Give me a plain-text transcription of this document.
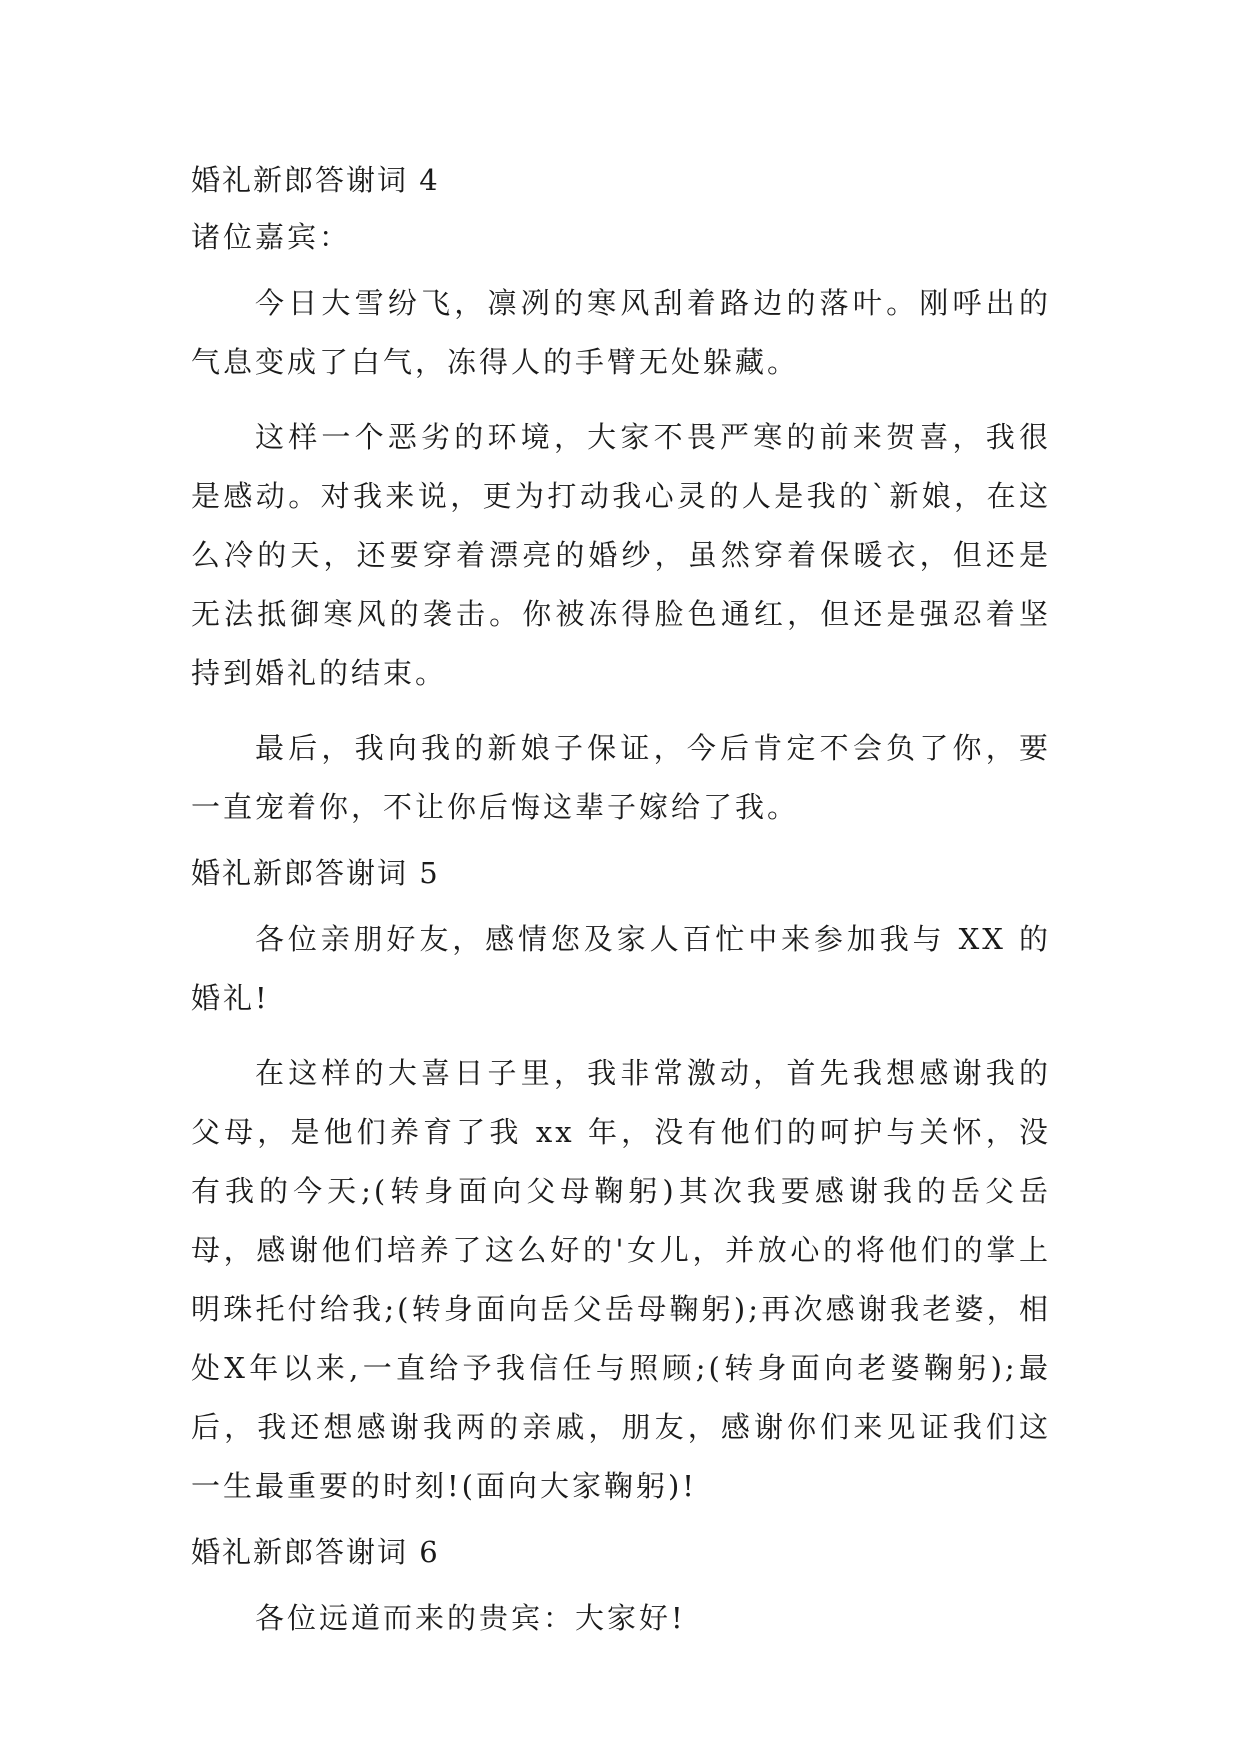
婚礼新郎答谢词 4

诸位嘉宾：

今日大雪纷飞，凛冽的寒风刮着路边的落叶。刚呼出的气息变成了白气，冻得人的手臂无处躲藏。

这样一个恶劣的环境，大家不畏严寒的前来贺喜，我很是感动。对我来说，更为打动我心灵的人是我的`新娘，在这么冷的天，还要穿着漂亮的婚纱，虽然穿着保暖衣，但还是无法抵御寒风的袭击。你被冻得脸色通红，但还是强忍着坚持到婚礼的结束。

最后，我向我的新娘子保证，今后肯定不会负了你，要一直宠着你，不让你后悔这辈子嫁给了我。

婚礼新郎答谢词 5

各位亲朋好友，感情您及家人百忙中来参加我与 XX 的婚礼!

在这样的大喜日子里，我非常激动，首先我想感谢我的父母，是他们养育了我 xx 年，没有他们的呵护与关怀，没有我的今天;(转身面向父母鞠躬)其次我要感谢我的岳父岳母，感谢他们培养了这么好的'女儿，并放心的将他们的掌上明珠托付给我;(转身面向岳父岳母鞠躬);再次感谢我老婆，相处X年以来,一直给予我信任与照顾;(转身面向老婆鞠躬);最后，我还想感谢我两的亲戚，朋友，感谢你们来见证我们这一生最重要的时刻!(面向大家鞠躬)!

婚礼新郎答谢词 6

各位远道而来的贵宾：大家好!
